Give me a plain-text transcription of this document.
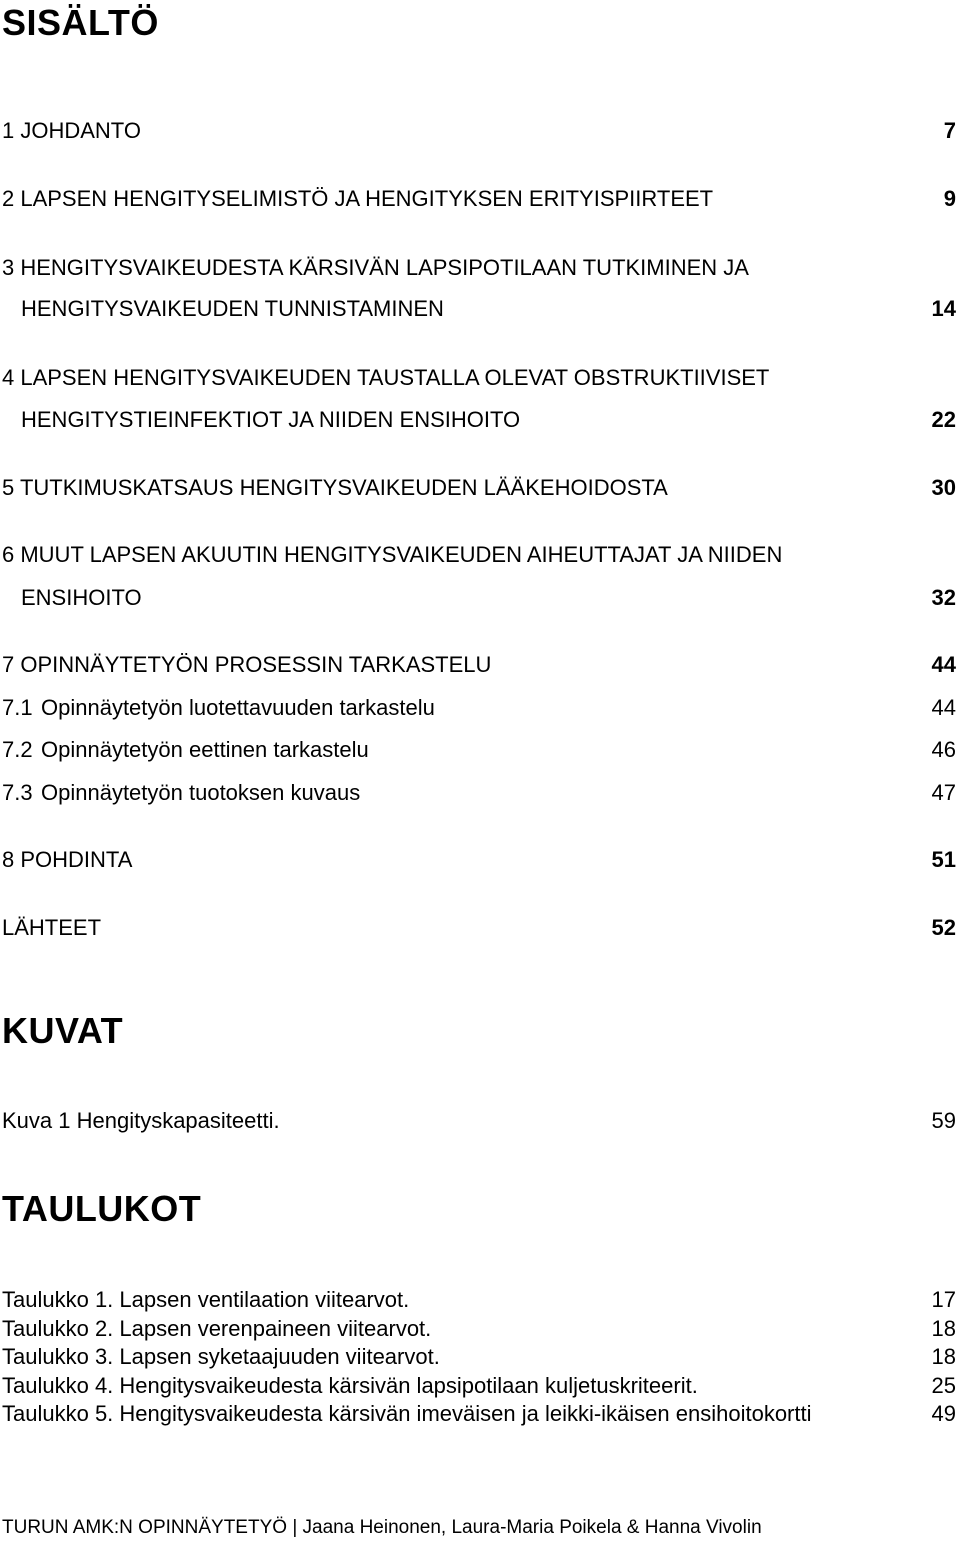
SISÄLTÖ
1 JOHDANTO	7
2 LAPSEN HENGITYSELIMISTÖ JA HENGITYKSEN ERITYISPIIRTEET	9
3 HENGITYSVAIKEUDESTA KÄRSIVÄN LAPSIPOTILAAN TUTKIMINEN JA
HENGITYSVAIKEUDEN TUNNISTAMINEN	14
4 LAPSEN HENGITYSVAIKEUDEN TAUSTALLA OLEVAT OBSTRUKTIIVISET
HENGITYSTIEINFEKTIOT JA NIIDEN ENSIHOITO	22
5 TUTKIMUSKATSAUS HENGITYSVAIKEUDEN LÄÄKEHOIDOSTA	30
6 MUUT LAPSEN AKUUTIN HENGITYSVAIKEUDEN AIHEUTTAJAT JA NIIDEN
ENSIHOITO	32
7 OPINNÄYTETYÖN PROSESSIN TARKASTELU	44
7.1 Opinnäytetyön luotettavuuden tarkastelu	44
7.2 Opinnäytetyön eettinen tarkastelu	46
7.3 Opinnäytetyön tuotoksen kuvaus	47
8 POHDINTA	51
LÄHTEET	52
KUVAT
Kuva 1 Hengityskapasiteetti.	59
TAULUKOT
Taulukko 1. Lapsen ventilaation viitearvot.	17
Taulukko 2. Lapsen verenpaineen viitearvot.	18
Taulukko 3. Lapsen syketaajuuden viitearvot.	18
Taulukko 4. Hengitysvaikeudesta kärsivän lapsipotilaan kuljetuskriteerit.	25
Taulukko 5. Hengitysvaikeudesta kärsivän imeväisen ja leikki-ikäisen ensihoitokortti	49
TURUN AMK:N OPINNÄYTETYÖ | Jaana Heinonen, Laura-Maria Poikela & Hanna Vivolin
